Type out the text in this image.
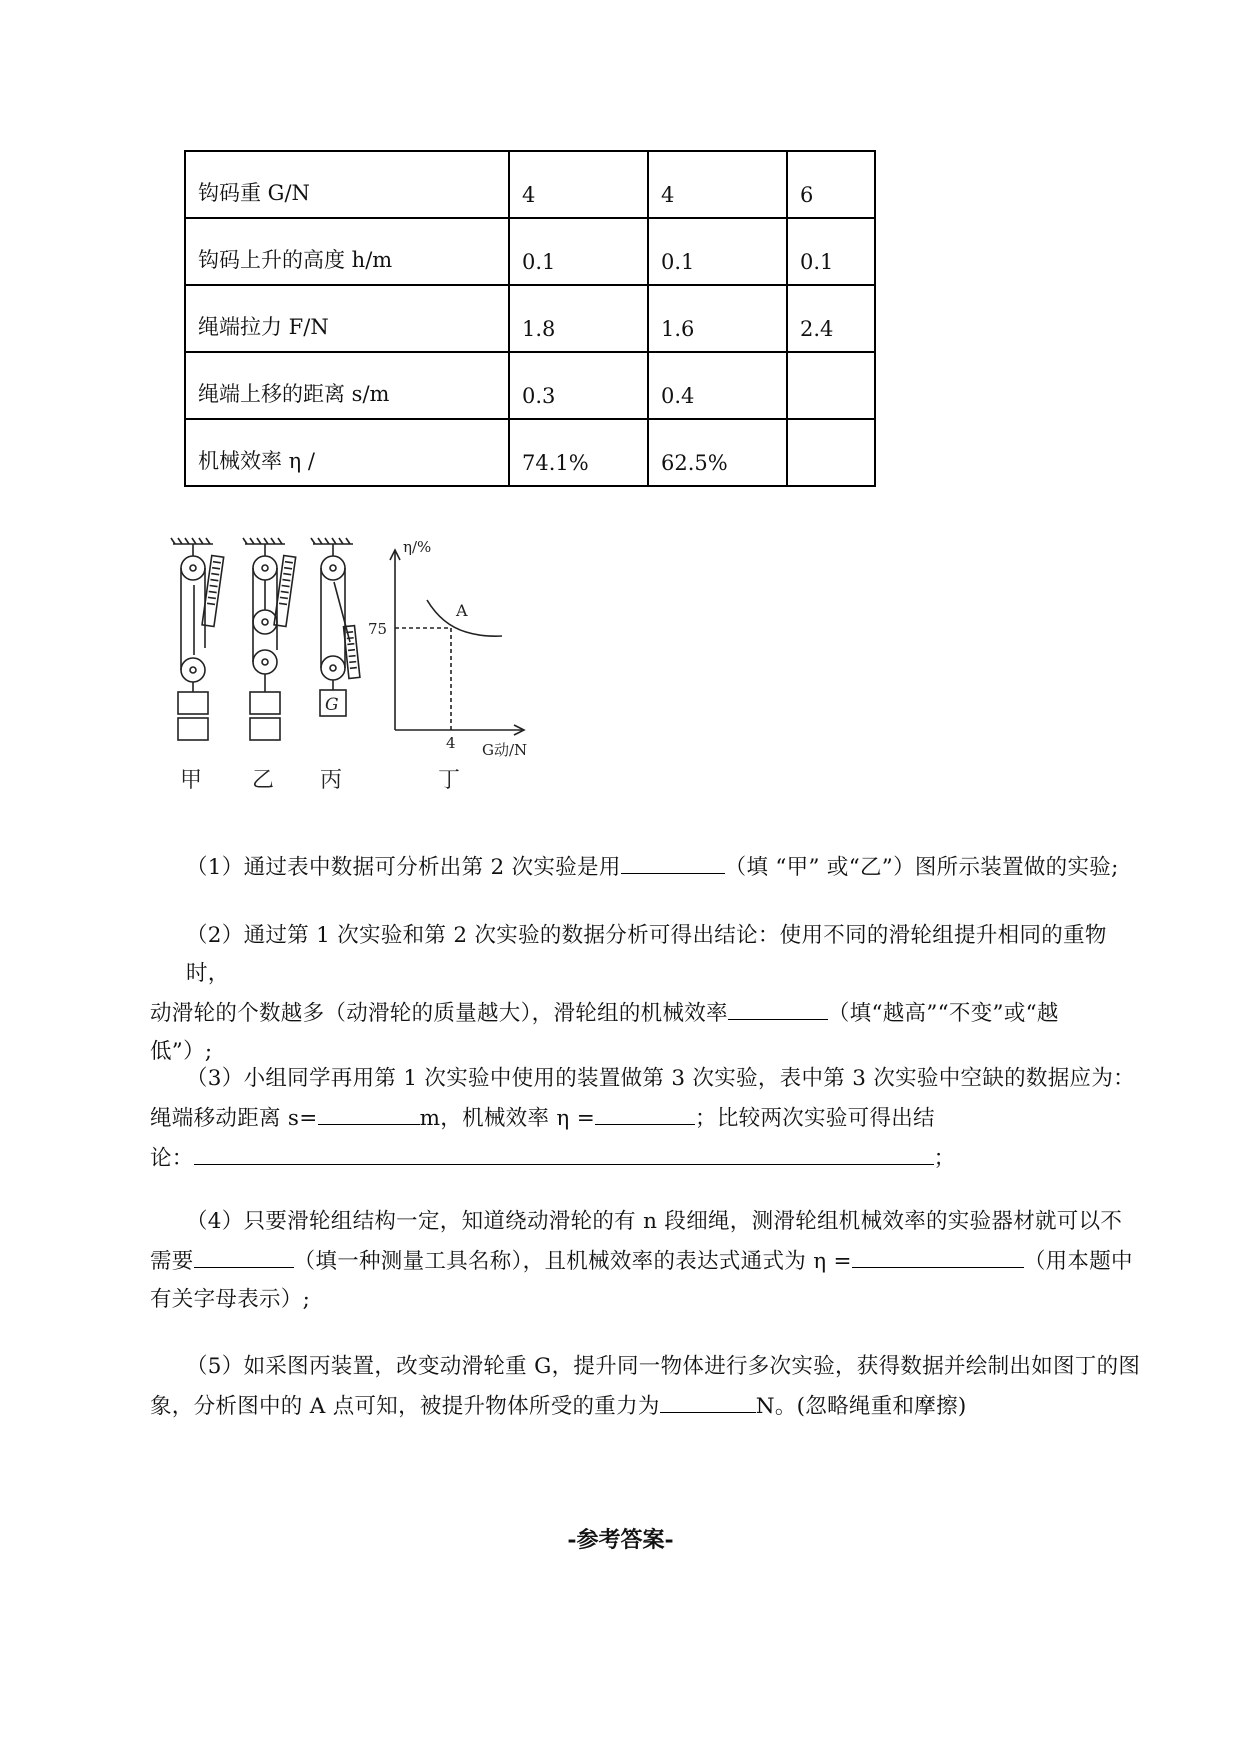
钩码重 G/N	4	4	6
钩码上升的高度 h/m	0.1	0.1	0.1
绳端拉力 F/N	1.8	1.6	2.4
绳端上移的距离 s/m	0.3	0.4	
机械效率 η /	74.1%	62.5%	
甲 乙 丙	丁
G
η/%
G动/N
75
4
A
（1）通过表中数据可分析出第 2 次实验是用	（填 “甲” 或“乙”）图所示装置做的实验;
（2）通过第 1 次实验和第 2 次实验的数据分析可得出结论：使用不同的滑轮组提升相同的重物时，
动滑轮的个数越多（动滑轮的质量越大），滑轮组的机械效率	（填“越高”“不变”或“越
低”）;
（3）小组同学再用第 1 次实验中使用的装置做第 3 次实验，表中第 3 次实验中空缺的数据应为：
绳端移动距离 s=	m，机械效率 η =	；比较两次实验可得出结
论：	；
（4）只要滑轮组结构一定，知道绕动滑轮的有 n 段细绳，测滑轮组机械效率的实验器材就可以不
需要	（填一种测量工具名称），且机械效率的表达式通式为 η =	（用本题中
有关字母表示）;
（5）如采图丙装置，改变动滑轮重 G，提升同一物体进行多次实验，获得数据并绘制出如图丁的图
象，分析图中的 A 点可知，被提升物体所受的重力为	N。(忽略绳重和摩擦)
-参考答案-
